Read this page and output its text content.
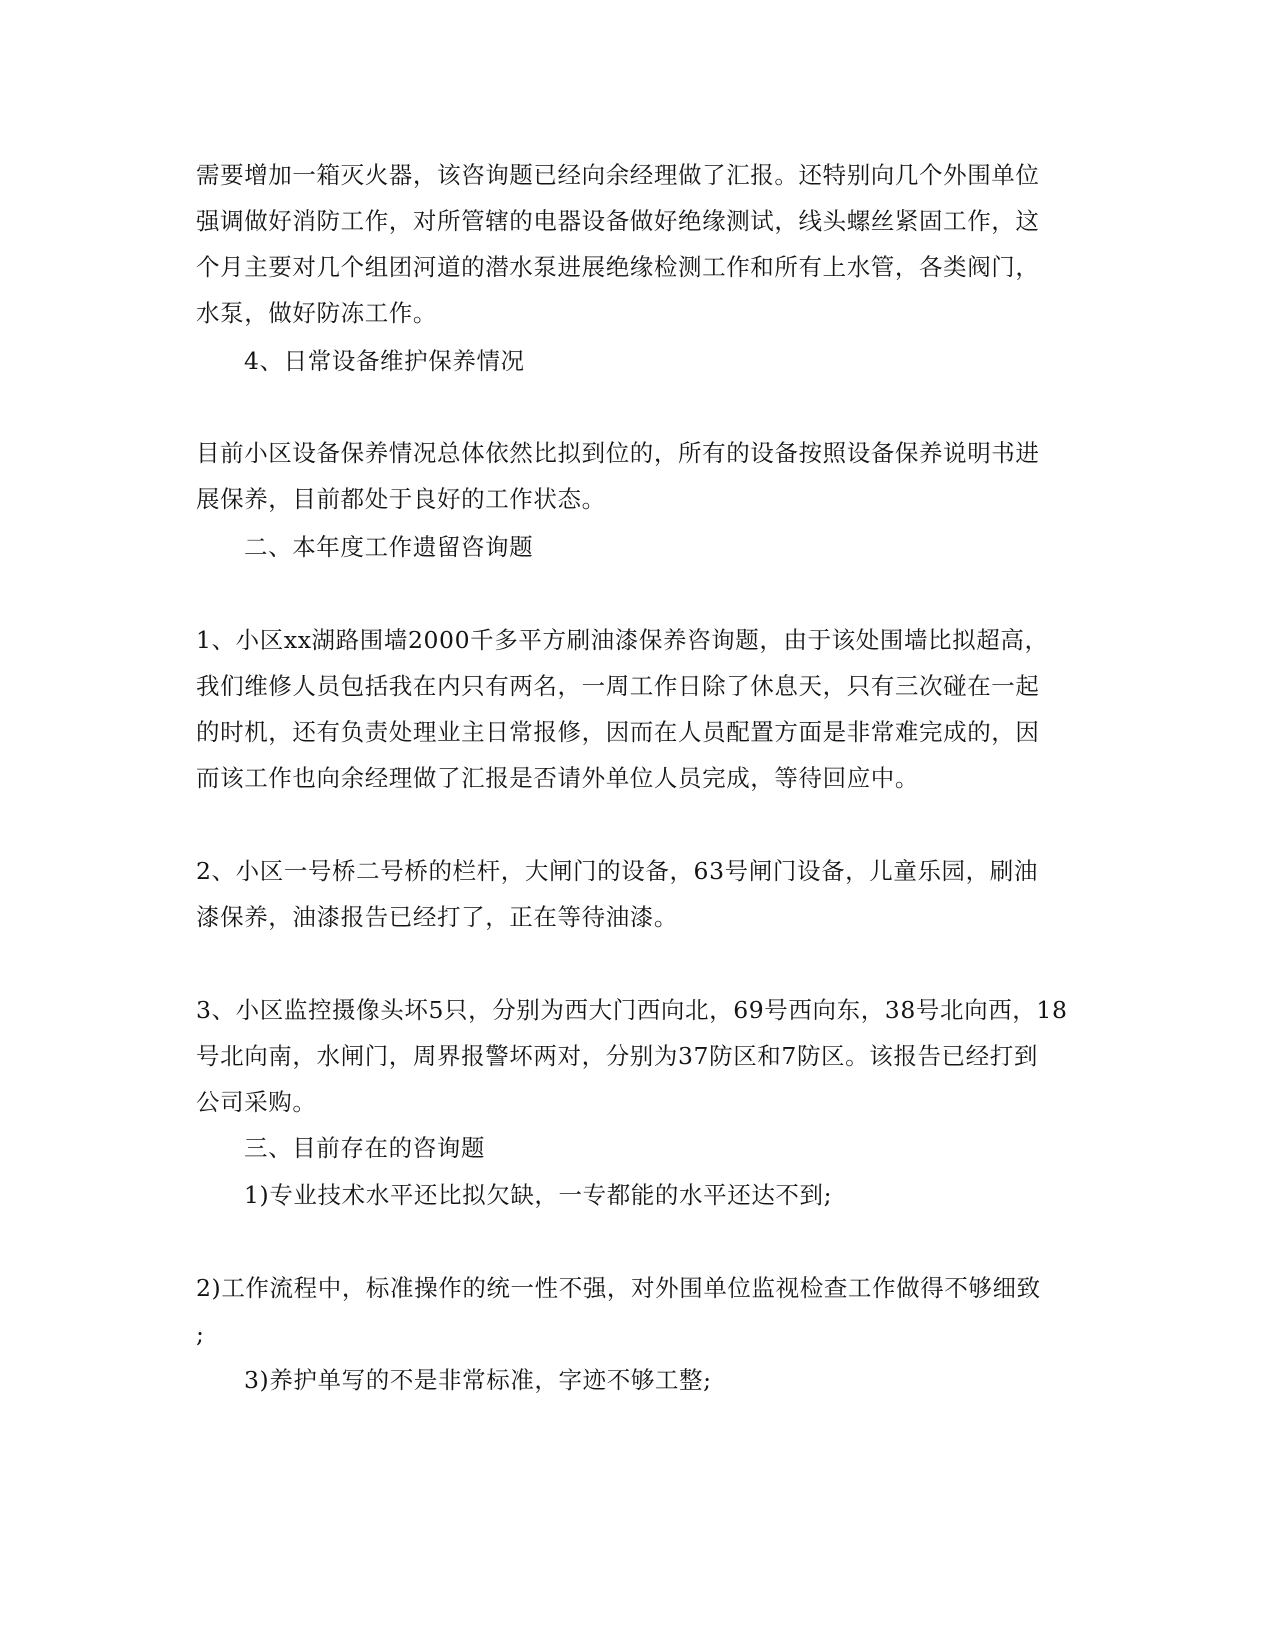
需要增加一箱灭火器，该咨询题已经向余经理做了汇报。还特别向几个外围单位
强调做好消防工作，对所管辖的电器设备做好绝缘测试，线头螺丝紧固工作，这
个月主要对几个组团河道的潜水泵进展绝缘检测工作和所有上水管，各类阀门，
水泵，做好防冻工作。
4、日常设备维护保养情况
目前小区设备保养情况总体依然比拟到位的，所有的设备按照设备保养说明书进
展保养，目前都处于良好的工作状态。
二、本年度工作遗留咨询题
1、小区xx湖路围墙2000千多平方刷油漆保养咨询题，由于该处围墙比拟超高，
我们维修人员包括我在内只有两名，一周工作日除了休息天，只有三次碰在一起
的时机，还有负责处理业主日常报修，因而在人员配置方面是非常难完成的，因
而该工作也向余经理做了汇报是否请外单位人员完成，等待回应中。
2、小区一号桥二号桥的栏杆，大闸门的设备，63号闸门设备，儿童乐园，刷油
漆保养，油漆报告已经打了，正在等待油漆。
3、小区监控摄像头坏5只，分别为西大门西向北，69号西向东，38号北向西，18
号北向南，水闸门，周界报警坏两对，分别为37防区和7防区。该报告已经打到
公司采购。
三、目前存在的咨询题
1)专业技术水平还比拟欠缺，一专都能的水平还达不到;
2)工作流程中，标准操作的统一性不强，对外围单位监视检查工作做得不够细致
;
3)养护单写的不是非常标准，字迹不够工整;
